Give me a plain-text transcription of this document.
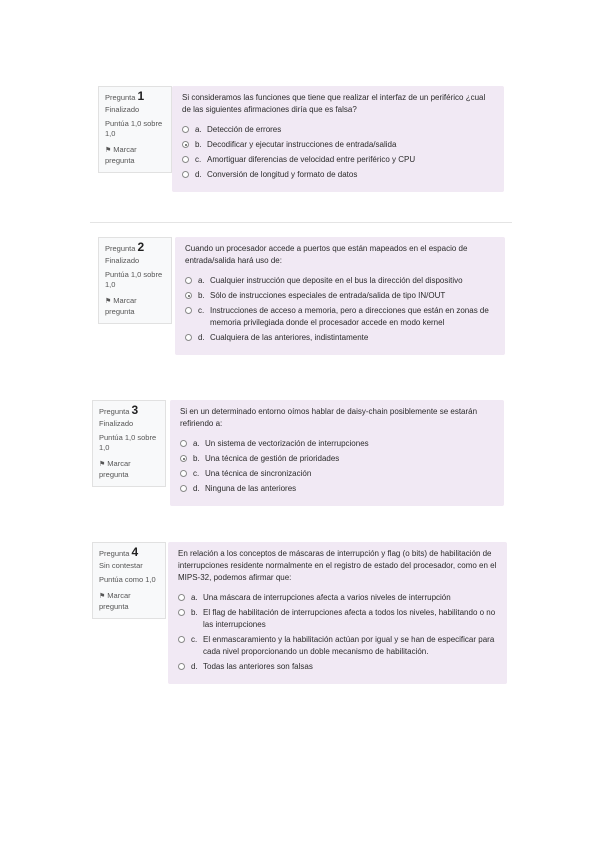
Pregunta 1
Finalizado
Puntúa 1,0 sobre 1,0
⚑ Marcar pregunta
Si consideramos las funciones que tiene que realizar el interfaz de un periférico ¿cual de las siguientes afirmaciones diría que es falsa?
a. Detección de errores
b. Decodificar y ejecutar instrucciones de entrada/salida
c. Amortiguar diferencias de velocidad entre periférico y CPU
d. Conversión de longitud y formato de datos
Pregunta 2
Finalizado
Puntúa 1,0 sobre 1,0
⚑ Marcar pregunta
Cuando un procesador accede a puertos que están mapeados en el espacio de entrada/salida hará uso de:
a. Cualquier instrucción que deposite en el bus la dirección del dispositivo
b. Sólo de instrucciones especiales de entrada/salida de tipo IN/OUT
c. Instrucciones de acceso a memoria, pero a direcciones que están en zonas de memoria privilegiada donde el procesador accede en modo kernel
d. Cualquiera de las anteriores, indistintamente
Pregunta 3
Finalizado
Puntúa 1,0 sobre 1,0
⚑ Marcar pregunta
Si en un determinado entorno oímos hablar de daisy-chain posiblemente se estarán refiriendo a:
a. Un sistema de vectorización de interrupciones
b. Una técnica de gestión de prioridades
c. Una técnica de sincronización
d. Ninguna de las anteriores
Pregunta 4
Sin contestar
Puntúa como 1,0
⚑ Marcar pregunta
En relación a los conceptos de máscaras de interrupción y flag (o bits) de habilitación de interrupciones residente normalmente en el registro de estado del procesador, como en el MIPS-32, podemos afirmar que:
a. Una máscara de interrupciones afecta a varios niveles de interrupción
b. El flag de habilitación de interrupciones afecta a todos los niveles, habilitando o no las interrupciones
c. El enmascaramiento y la habilitación actúan por igual y se han de especificar para cada nivel proporcionando un doble mecanismo de habilitación.
d. Todas las anteriores son falsas
